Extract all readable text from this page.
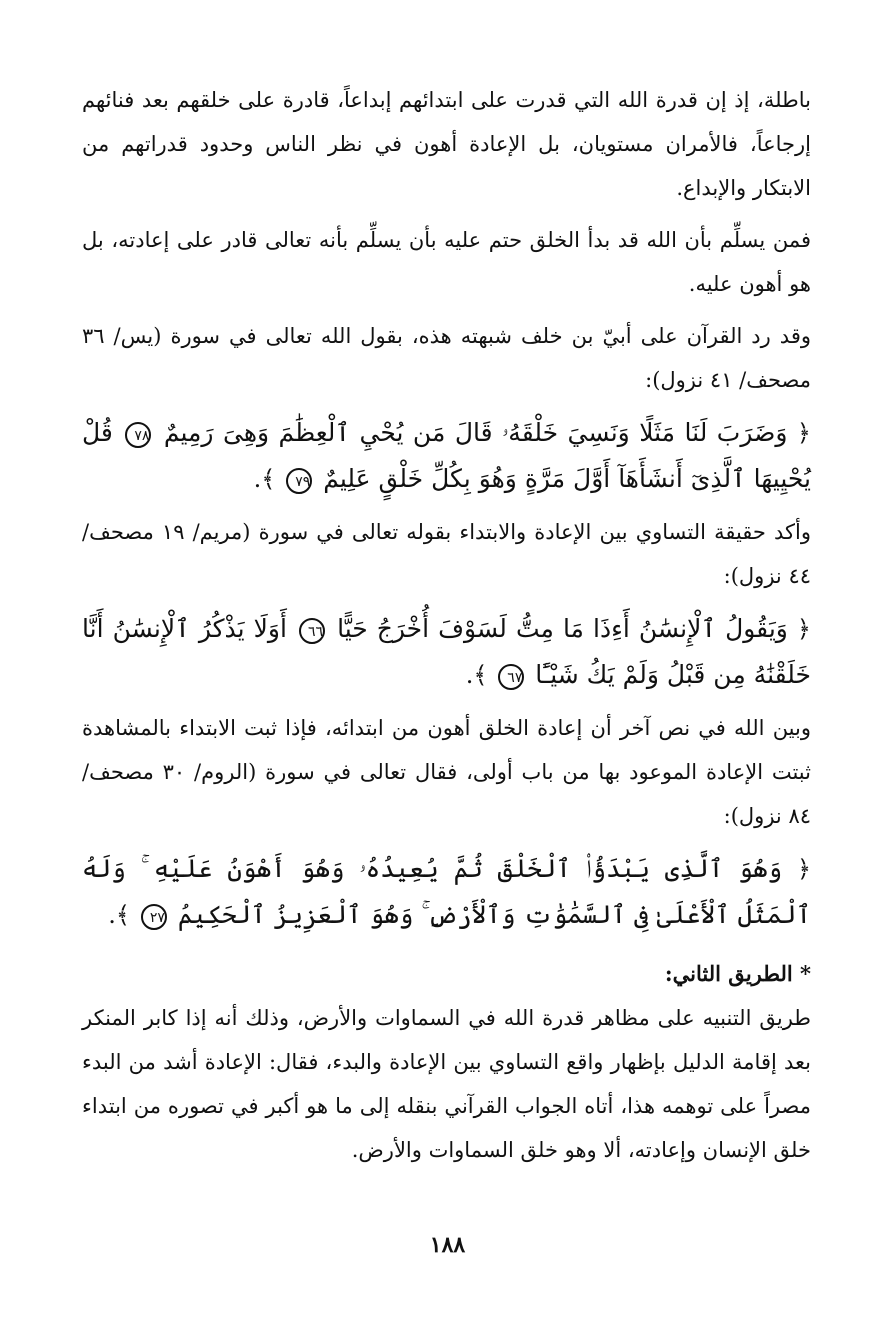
باطلة، إذ إن قدرة الله التي قدرت على ابتدائهم إبداعاً، قادرة على خلقهم بعد فنائهم إرجاعاً، فالأمران مستويان، بل الإعادة أهون في نظر الناس وحدود قدراتهم من الابتكار والإبداع.

فمن يسلِّم بأن الله قد بدأ الخلق حتم عليه بأن يسلِّم بأنه تعالى قادر على إعادته، بل هو أهون عليه.

وقد رد القرآن على أبيّ بن خلف شبهته هذه، بقول الله تعالى في سورة (يس/ ٣٦ مصحف/ ٤١ نزول):

﴿ وَضَرَبَ لَنَا مَثَلًا وَنَسِيَ خَلْقَهُۥ قَالَ مَن يُحْيِ ٱلْعِظَٰمَ وَهِىَ رَمِيمٌ ٧٨ قُلْ يُحْيِيهَا ٱلَّذِىٓ أَنشَأَهَآ أَوَّلَ مَرَّةٍ وَهُوَ بِكُلِّ خَلْقٍ عَلِيمٌ ٧٩ ﴾.

وأكد حقيقة التساوي بين الإعادة والابتداء بقوله تعالى في سورة (مريم/ ١٩ مصحف/ ٤٤ نزول):

﴿ وَيَقُولُ ٱلْإِنسَٰنُ أَءِذَا مَا مِتُّ لَسَوْفَ أُخْرَجُ حَيًّا ٦٦ أَوَلَا يَذْكُرُ ٱلْإِنسَٰنُ أَنَّا خَلَقْنَٰهُ مِن قَبْلُ وَلَمْ يَكُ شَيْـًٔا ٦٧ ﴾.

وبين الله في نص آخر أن إعادة الخلق أهون من ابتدائه، فإذا ثبت الابتداء بالمشاهدة ثبتت الإعادة الموعود بها من باب أولى، فقال تعالى في سورة (الروم/ ٣٠ مصحف/ ٨٤ نزول):

﴿ وَهُوَ ٱلَّذِى يَبْدَؤُا۟ ٱلْخَلْقَ ثُمَّ يُعِيدُهُۥ وَهُوَ أَهْوَنُ عَلَيْهِ ۚ وَلَهُ ٱلْمَثَلُ ٱلْأَعْلَىٰ فِى ٱلسَّمَٰوَٰتِ وَٱلْأَرْضِ ۚ وَهُوَ ٱلْعَزِيزُ ٱلْحَكِيمُ ٢٧ ﴾.
* الطريق الثاني:

طريق التنبيه على مظاهر قدرة الله في السماوات والأرض، وذلك أنه إذا كابر المنكر بعد إقامة الدليل بإظهار واقع التساوي بين الإعادة والبدء، فقال: الإعادة أشد من البدء مصراً على توهمه هذا، أتاه الجواب القرآني بنقله إلى ما هو أكبر في تصوره من ابتداء خلق الإنسان وإعادته، ألا وهو خلق السماوات والأرض.

١٨٨
